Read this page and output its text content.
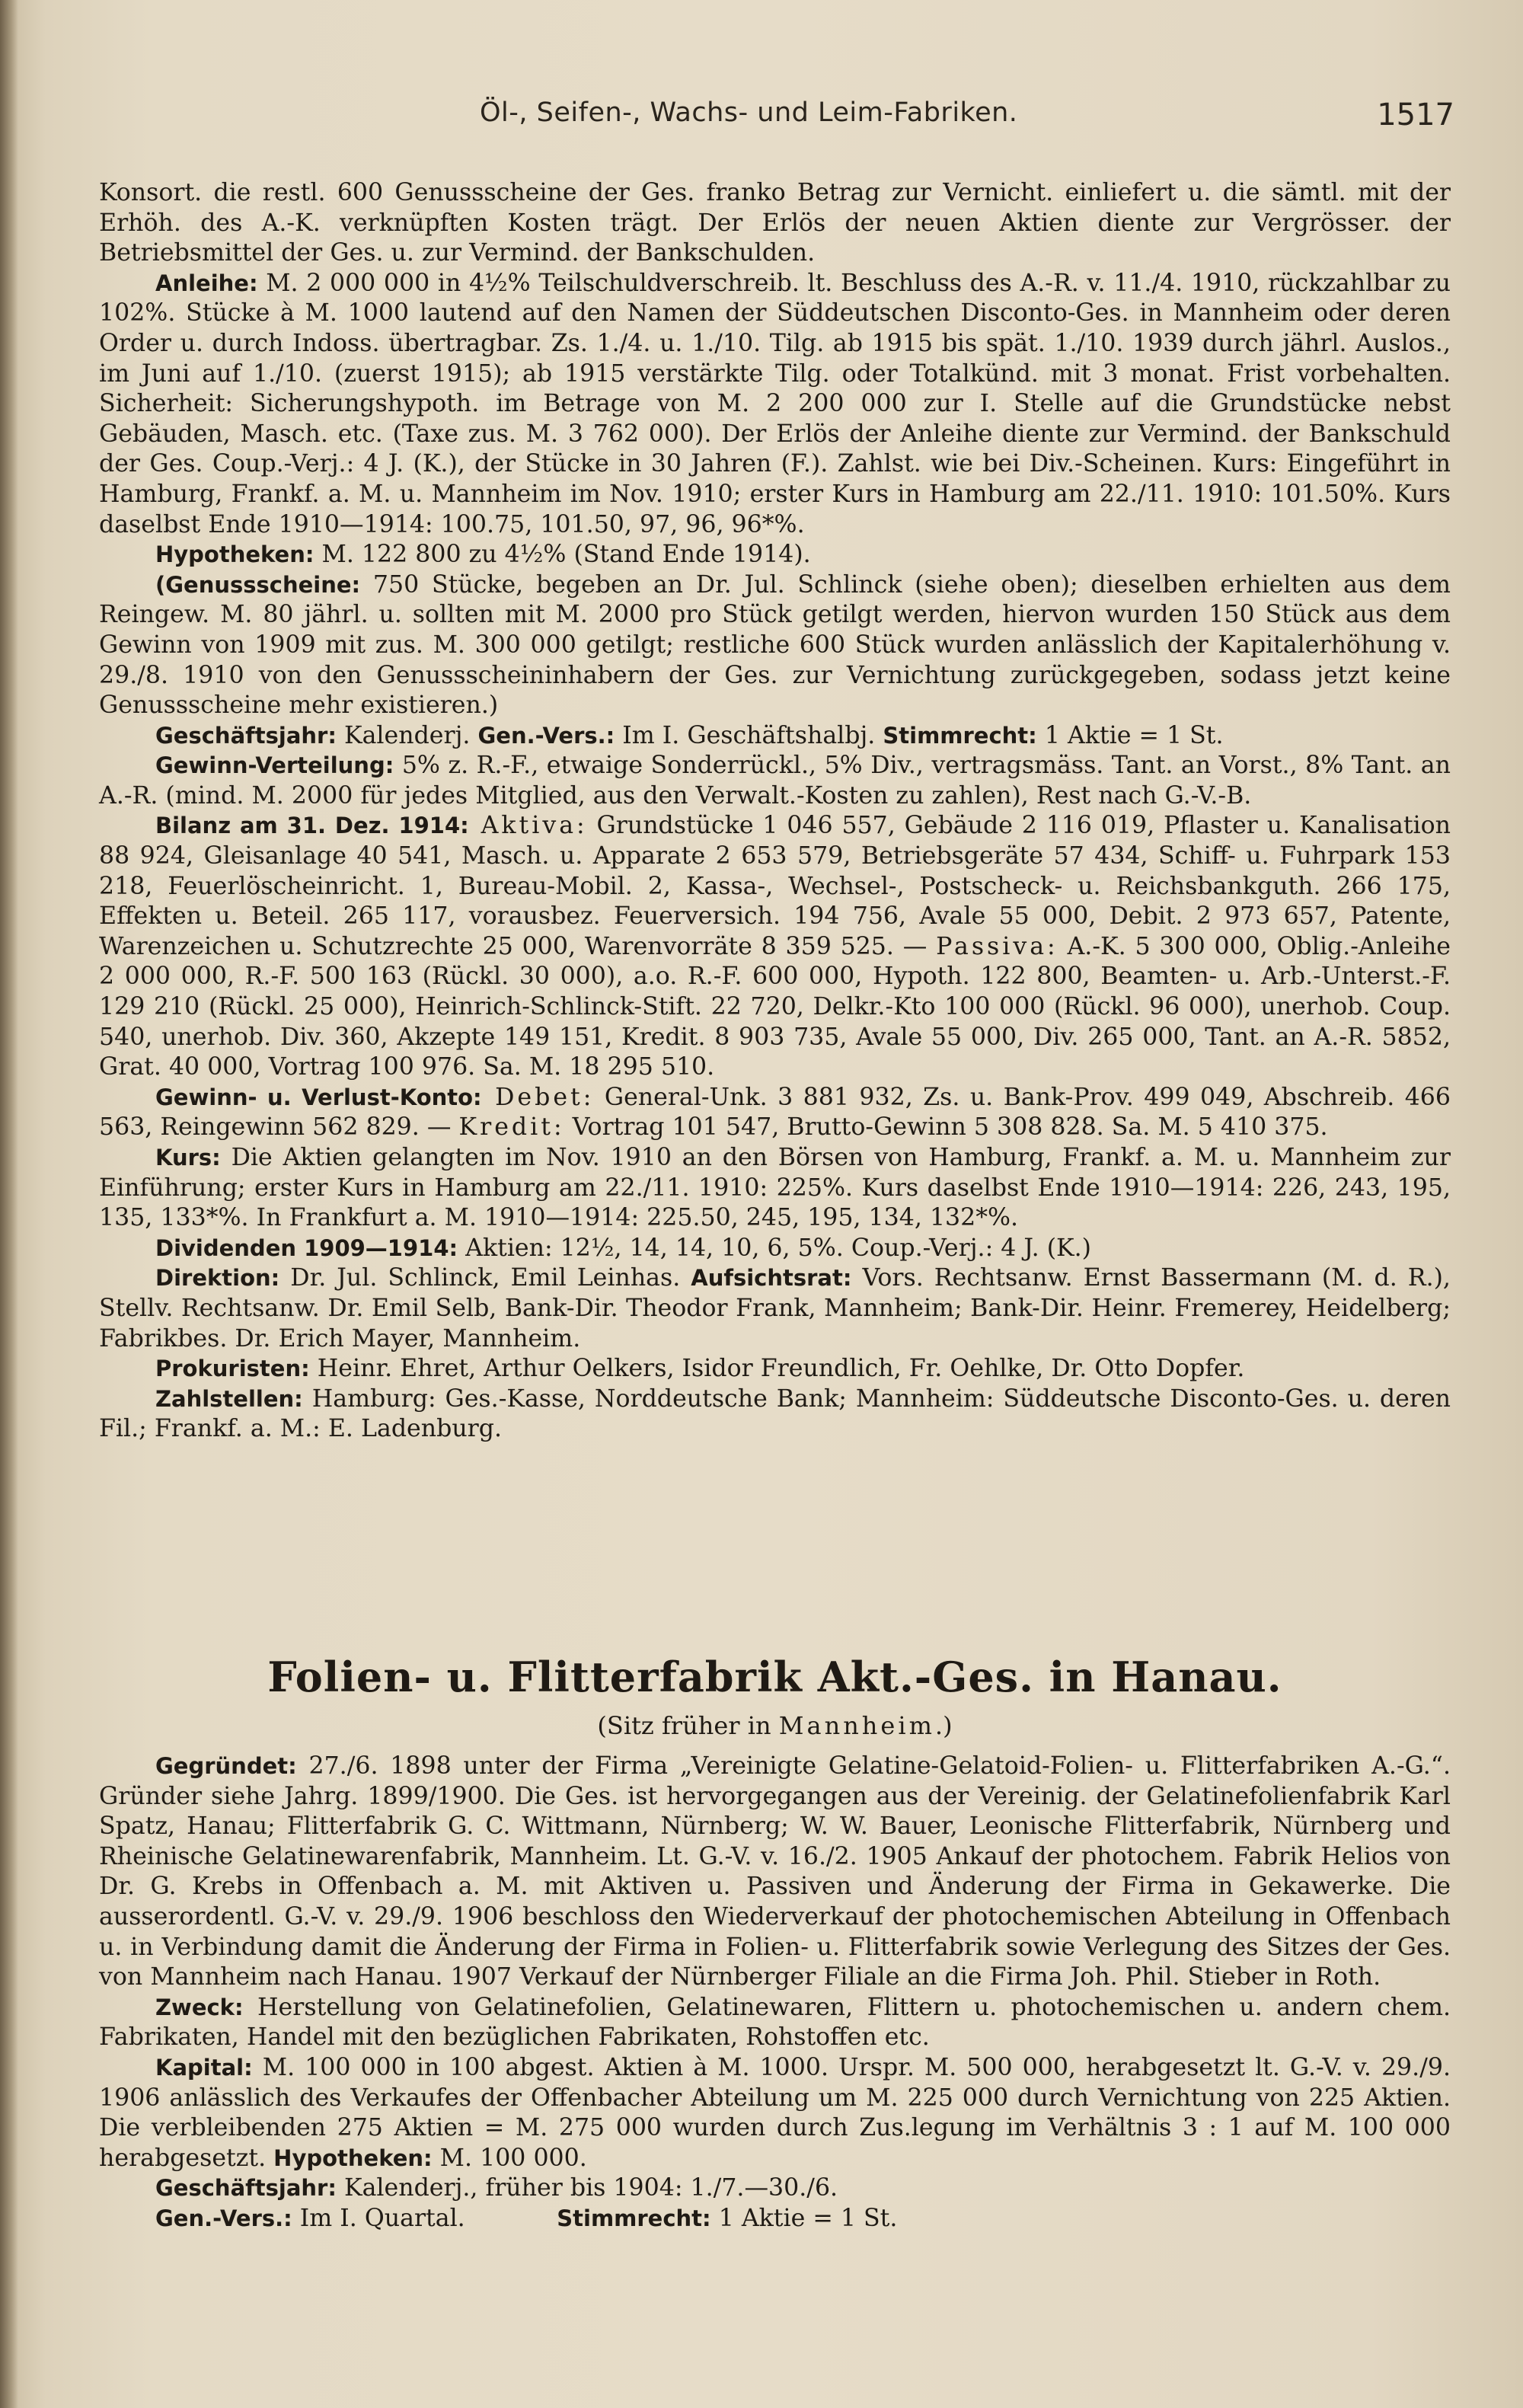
Öl-, Seifen-, Wachs- und Leim-Fabriken.	1517

Konsort. die restl. 600 Genussscheine der Ges. franko Betrag zur Vernicht. einliefert u. die sämtl. mit der Erhöh. des A.-K. verknüpften Kosten trägt. Der Erlös der neuen Aktien diente zur Vergrösser. der Betriebsmittel der Ges. u. zur Vermind. der Bankschulden.

Anleihe: M. 2 000 000 in 4½% Teilschuldverschreib. lt. Beschluss des A.-R. v. 11./4. 1910, rückzahlbar zu 102%. Stücke à M. 1000 lautend auf den Namen der Süddeutschen Disconto-Ges. in Mannheim oder deren Order u. durch Indoss. übertragbar. Zs. 1./4. u. 1./10. Tilg. ab 1915 bis spät. 1./10. 1939 durch jährl. Auslos., im Juni auf 1./10. (zuerst 1915); ab 1915 verstärkte Tilg. oder Totalkünd. mit 3 monat. Frist vorbehalten. Sicherheit: Sicherungshypoth. im Betrage von M. 2 200 000 zur I. Stelle auf die Grundstücke nebst Gebäuden, Masch. etc. (Taxe zus. M. 3 762 000). Der Erlös der Anleihe diente zur Vermind. der Bankschuld der Ges. Coup.-Verj.: 4 J. (K.), der Stücke in 30 Jahren (F.). Zahlst. wie bei Div.-Scheinen. Kurs: Eingeführt in Hamburg, Frankf. a. M. u. Mannheim im Nov. 1910; erster Kurs in Hamburg am 22./11. 1910: 101.50%. Kurs daselbst Ende 1910—1914: 100.75, 101.50, 97, 96, 96*%.

Hypotheken: M. 122 800 zu 4½% (Stand Ende 1914).

(Genussscheine: 750 Stücke, begeben an Dr. Jul. Schlinck (siehe oben); dieselben erhielten aus dem Reingew. M. 80 jährl. u. sollten mit M. 2000 pro Stück getilgt werden, hiervon wurden 150 Stück aus dem Gewinn von 1909 mit zus. M. 300 000 getilgt; restliche 600 Stück wurden anlässlich der Kapitalerhöhung v. 29./8. 1910 von den Genussscheininhabern der Ges. zur Vernichtung zurückgegeben, sodass jetzt keine Genussscheine mehr existieren.)

Geschäftsjahr: Kalenderj. Gen.-Vers.: Im I. Geschäftshalbj. Stimmrecht: 1 Aktie = 1 St.

Gewinn-Verteilung: 5% z. R.-F., etwaige Sonderrückl., 5% Div., vertragsmäss. Tant. an Vorst., 8% Tant. an A.-R. (mind. M. 2000 für jedes Mitglied, aus den Verwalt.-Kosten zu zahlen), Rest nach G.-V.-B.

Bilanz am 31. Dez. 1914: Aktiva: Grundstücke 1 046 557, Gebäude 2 116 019, Pflaster u. Kanalisation 88 924, Gleisanlage 40 541, Masch. u. Apparate 2 653 579, Betriebsgeräte 57 434, Schiff- u. Fuhrpark 153 218, Feuerlöscheinricht. 1, Bureau-Mobil. 2, Kassa-, Wechsel-, Postscheck- u. Reichsbankguth. 266 175, Effekten u. Beteil. 265 117, vorausbez. Feuerversich. 194 756, Avale 55 000, Debit. 2 973 657, Patente, Warenzeichen u. Schutzrechte 25 000, Warenvorräte 8 359 525. — Passiva: A.-K. 5 300 000, Oblig.-Anleihe 2 000 000, R.-F. 500 163 (Rückl. 30 000), a.o. R.-F. 600 000, Hypoth. 122 800, Beamten- u. Arb.-Unterst.-F. 129 210 (Rückl. 25 000), Heinrich-Schlinck-Stift. 22 720, Delkr.-Kto 100 000 (Rückl. 96 000), unerhob. Coup. 540, unerhob. Div. 360, Akzepte 149 151, Kredit. 8 903 735, Avale 55 000, Div. 265 000, Tant. an A.-R. 5852, Grat. 40 000, Vortrag 100 976. Sa. M. 18 295 510.

Gewinn- u. Verlust-Konto: Debet: General-Unk. 3 881 932, Zs. u. Bank-Prov. 499 049, Abschreib. 466 563, Reingewinn 562 829. — Kredit: Vortrag 101 547, Brutto-Gewinn 5 308 828. Sa. M. 5 410 375.

Kurs: Die Aktien gelangten im Nov. 1910 an den Börsen von Hamburg, Frankf. a. M. u. Mannheim zur Einführung; erster Kurs in Hamburg am 22./11. 1910: 225%. Kurs daselbst Ende 1910—1914: 226, 243, 195, 135, 133*%. In Frankfurt a. M. 1910—1914: 225.50, 245, 195, 134, 132*%.

Dividenden 1909—1914: Aktien: 12½, 14, 14, 10, 6, 5%. Coup.-Verj.: 4 J. (K.)

Direktion: Dr. Jul. Schlinck, Emil Leinhas. Aufsichtsrat: Vors. Rechtsanw. Ernst Bassermann (M. d. R.), Stellv. Rechtsanw. Dr. Emil Selb, Bank-Dir. Theodor Frank, Mannheim; Bank-Dir. Heinr. Fremerey, Heidelberg; Fabrikbes. Dr. Erich Mayer, Mannheim.

Prokuristen: Heinr. Ehret, Arthur Oelkers, Isidor Freundlich, Fr. Oehlke, Dr. Otto Dopfer.

Zahlstellen: Hamburg: Ges.-Kasse, Norddeutsche Bank; Mannheim: Süddeutsche Disconto-Ges. u. deren Fil.; Frankf. a. M.: E. Ladenburg.

Folien- u. Flitterfabrik Akt.-Ges. in Hanau.
(Sitz früher in Mannheim.)

Gegründet: 27./6. 1898 unter der Firma „Vereinigte Gelatine-Gelatoid-Folien- u. Flitterfabriken A.-G.“. Gründer siehe Jahrg. 1899/1900. Die Ges. ist hervorgegangen aus der Vereinig. der Gelatinefolienfabrik Karl Spatz, Hanau; Flitterfabrik G. C. Wittmann, Nürnberg; W. W. Bauer, Leonische Flitterfabrik, Nürnberg und Rheinische Gelatinewarenfabrik, Mannheim. Lt. G.-V. v. 16./2. 1905 Ankauf der photochem. Fabrik Helios von Dr. G. Krebs in Offenbach a. M. mit Aktiven u. Passiven und Änderung der Firma in Gekawerke. Die ausserordentl. G.-V. v. 29./9. 1906 beschloss den Wiederverkauf der photochemischen Abteilung in Offenbach u. in Verbindung damit die Änderung der Firma in Folien- u. Flitterfabrik sowie Verlegung des Sitzes der Ges. von Mannheim nach Hanau. 1907 Verkauf der Nürnberger Filiale an die Firma Joh. Phil. Stieber in Roth.

Zweck: Herstellung von Gelatinefolien, Gelatinewaren, Flittern u. photochemischen u. andern chem. Fabrikaten, Handel mit den bezüglichen Fabrikaten, Rohstoffen etc.

Kapital: M. 100 000 in 100 abgest. Aktien à M. 1000. Urspr. M. 500 000, herabgesetzt lt. G.-V. v. 29./9. 1906 anlässlich des Verkaufes der Offenbacher Abteilung um M. 225 000 durch Vernichtung von 225 Aktien. Die verbleibenden 275 Aktien = M. 275 000 wurden durch Zus.legung im Verhältnis 3 : 1 auf M. 100 000 herabgesetzt. Hypotheken: M. 100 000.

Geschäftsjahr: Kalenderj., früher bis 1904: 1./7.—30./6.

Gen.-Vers.: Im I. Quartal.	Stimmrecht: 1 Aktie = 1 St.
